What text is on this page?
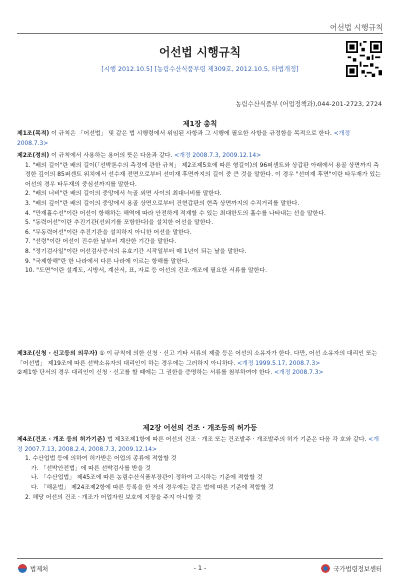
어선법 시행규칙
어선법 시행규칙
[시행 2012.10.5] [농림수산식품부령 제309호, 2012.10.5, 타법개정]
농림수산식품부 (어업정책과),044-201-2723, 2724
제1장 총칙

제1조(목적) 이 규칙은 「어선법」 및 같은 법 시행령에서 위임된 사항과 그 시행에 필요한 사항을 규정함을 목적으로 한다. <개정 2008.7.3>

제2조(정의) 이 규칙에서 사용하는 용어의 뜻은 다음과 같다. <개정 2008.7.3, 2009.12.14>

1. "배의 길이"란 배의 길이(「선박톤수의 측정에 관한 규칙」 제2조제5호에 따른 형길이)의 96퍼센트와 상갑판 아래에서 용골 상면까지 측정한 깊이의 85퍼센트 위치에서 선수재 전면으로부터 선미재 후면까지의 길이 중 큰 것을 말한다. 이 경우 "선미재 후면"이란 타두재가 있는 어선의 경우 타두재의 중심선까지를 말한다.

2. "배의 너비"란 배의 길이의 중앙에서 늑골 외면 사이의 최대너비를 말한다.

3. "배의 깊이"란 배의 길이의 중앙에서 용골 상면으로부터 건현갑판의 현측 상면까지의 수직거리를 말한다.

4. "만재흘수선"이란 어선이 항해하는 해역에 따라 안전하게 적재할 수 있는 최대한도의 흘수를 나타내는 선을 말한다.

5. "동력어선"이란 추진기관(선외기를 포함한다)을 설치한 어선을 말한다.

6. "무동력어선"이란 추진기관을 설치하지 아니한 어선을 말한다.

7. "선령"이란 어선이 진수한 날부터 계산한 기간을 말한다.

8. "정기검사일"이란 어선검사증서의 유효기간 시작일부터 매 1년이 되는 날을 말한다.

9. "국제항해"란 한 나라에서 다른 나라에 이르는 항해를 말한다.

10. "도면"이란 설계도, 시방서, 계산서, 표, 자료 등 어선의 건조·개조에 필요한 서류를 말한다.

제3조(신청 · 신고등의 의무자) ① 이 규칙에 의한 신청 · 신고 기타 서류의 제출 등은 어선의 소유자가 한다. 다만, 어선 소유자의 대리인 또는 「어선법」 제19조에 따른 선박소유자의 대리인이 하는 경우에는 그러하지 아니하다. <개정 1999.5.17, 2008.7.3>

②제1항 단서의 경우 대리인이 신청 · 신고를 할 때에는 그 권한을 증명하는 서류를 첨부하여야 한다. <개정 2008.7.3>

제2장 어선의 건조 · 개조등의 허가등

제4조(건조 · 개조 등의 허가기준) 법 제3조제1항에 따른 어선의 건조 · 개조 또는 건조발주 · 개조발주의 허가 기준은 다음 각 호와 같다. <개정 2007.7.13, 2008.2.4, 2008.7.3, 2009.12.14>

1. 수산업법 등에 의하여 허가받은 어업의 종류에 적합할 것

가. 「선박안전법」에 따른 선박검사를 받을 것

나. 「수산업법」 제45조에 따른 농림수산식품부장관이 정하여 고시하는 기준에 적합할 것

다. 「해운법」 제24조제2항에 따른 등록을 한 자의 경우에는 같은 법에 따른 기준에 적합할 것

2. 해당 어선의 건조 · 개조가 어업자원 보호에 지장을 주지 아니할 것

법제처	- 1 -	국가법령정보센터
